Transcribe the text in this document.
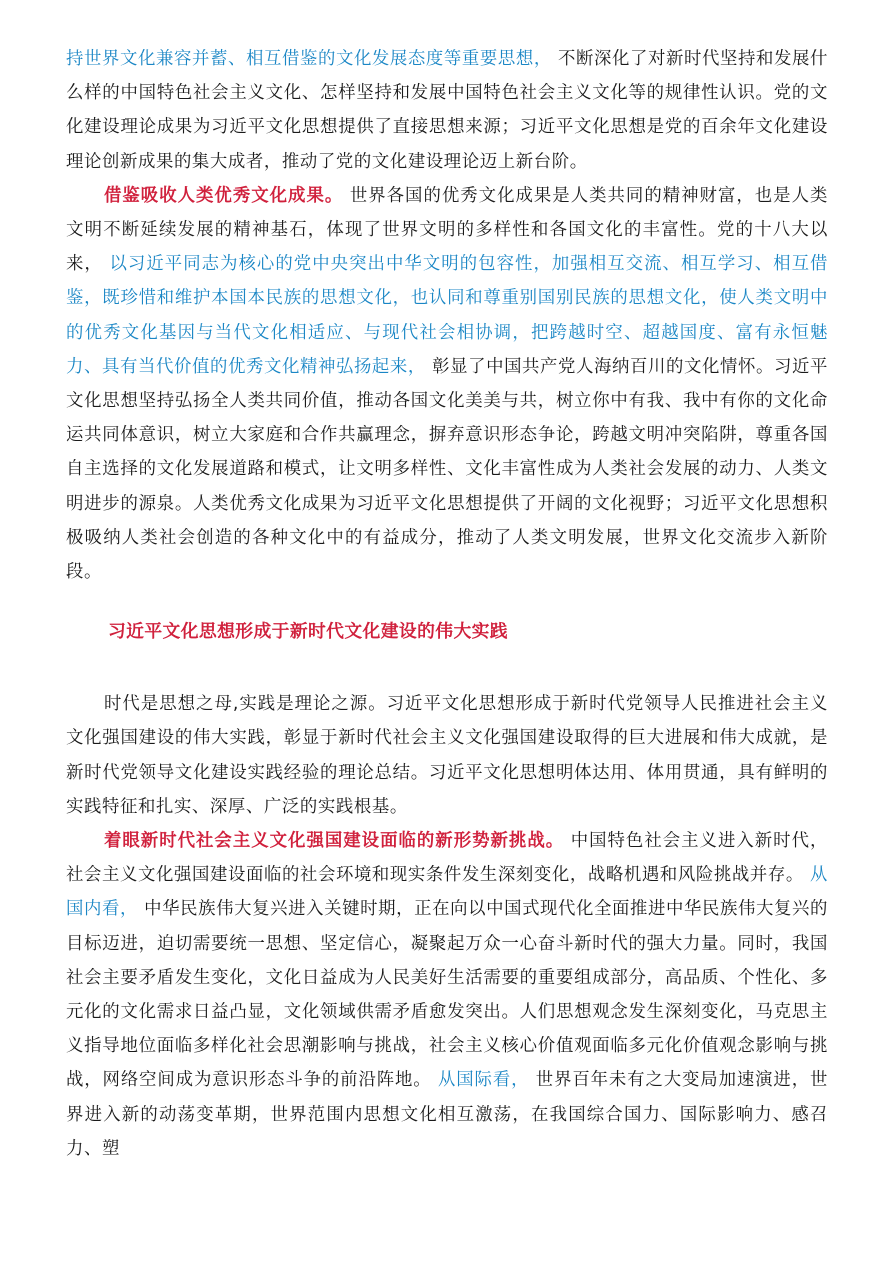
持世界文化兼容并蓄、相互借鉴的文化发展态度等重要思想， 不断深化了对新时代坚持和发展什么样的中国特色社会主义文化、怎样坚持和发展中国特色社会主义文化等的规律性认识。党的文化建设理论成果为习近平文化思想提供了直接思想来源；习近平文化思想是党的百余年文化建设理论创新成果的集大成者，推动了党的文化建设理论迈上新台阶。

借鉴吸收人类优秀文化成果。 世界各国的优秀文化成果是人类共同的精神财富，也是人类文明不断延续发展的精神基石，体现了世界文明的多样性和各国文化的丰富性。党的十八大以来， 以习近平同志为核心的党中央突出中华文明的包容性，加强相互交流、相互学习、相互借鉴，既珍惜和维护本国本民族的思想文化，也认同和尊重别国别民族的思想文化，使人类文明中的优秀文化基因与当代文化相适应、与现代社会相协调，把跨越时空、超越国度、富有永恒魅力、具有当代价值的优秀文化精神弘扬起来， 彰显了中国共产党人海纳百川的文化情怀。习近平文化思想坚持弘扬全人类共同价值，推动各国文化美美与共，树立你中有我、我中有你的文化命运共同体意识，树立大家庭和合作共赢理念，摒弃意识形态争论，跨越文明冲突陷阱，尊重各国自主选择的文化发展道路和模式，让文明多样性、文化丰富性成为人类社会发展的动力、人类文明进步的源泉。人类优秀文化成果为习近平文化思想提供了开阔的文化视野；习近平文化思想积极吸纳人类社会创造的各种文化中的有益成分，推动了人类文明发展，世界文化交流步入新阶段。

习近平文化思想形成于新时代文化建设的伟大实践

时代是思想之母,实践是理论之源。习近平文化思想形成于新时代党领导人民推进社会主义文化强国建设的伟大实践，彰显于新时代社会主义文化强国建设取得的巨大进展和伟大成就，是新时代党领导文化建设实践经验的理论总结。习近平文化思想明体达用、体用贯通，具有鲜明的实践特征和扎实、深厚、广泛的实践根基。

着眼新时代社会主义文化强国建设面临的新形势新挑战。 中国特色社会主义进入新时代，社会主义文化强国建设面临的社会环境和现实条件发生深刻变化，战略机遇和风险挑战并存。 从国内看， 中华民族伟大复兴进入关键时期，正在向以中国式现代化全面推进中华民族伟大复兴的目标迈进，迫切需要统一思想、坚定信心，凝聚起万众一心奋斗新时代的强大力量。同时，我国社会主要矛盾发生变化，文化日益成为人民美好生活需要的重要组成部分，高品质、个性化、多元化的文化需求日益凸显，文化领域供需矛盾愈发突出。人们思想观念发生深刻变化，马克思主义指导地位面临多样化社会思潮影响与挑战，社会主义核心价值观面临多元化价值观念影响与挑战，网络空间成为意识形态斗争的前沿阵地。 从国际看， 世界百年未有之大变局加速演进，世界进入新的动荡变革期，世界范围内思想文化相互激荡，在我国综合国力、国际影响力、感召力、塑
